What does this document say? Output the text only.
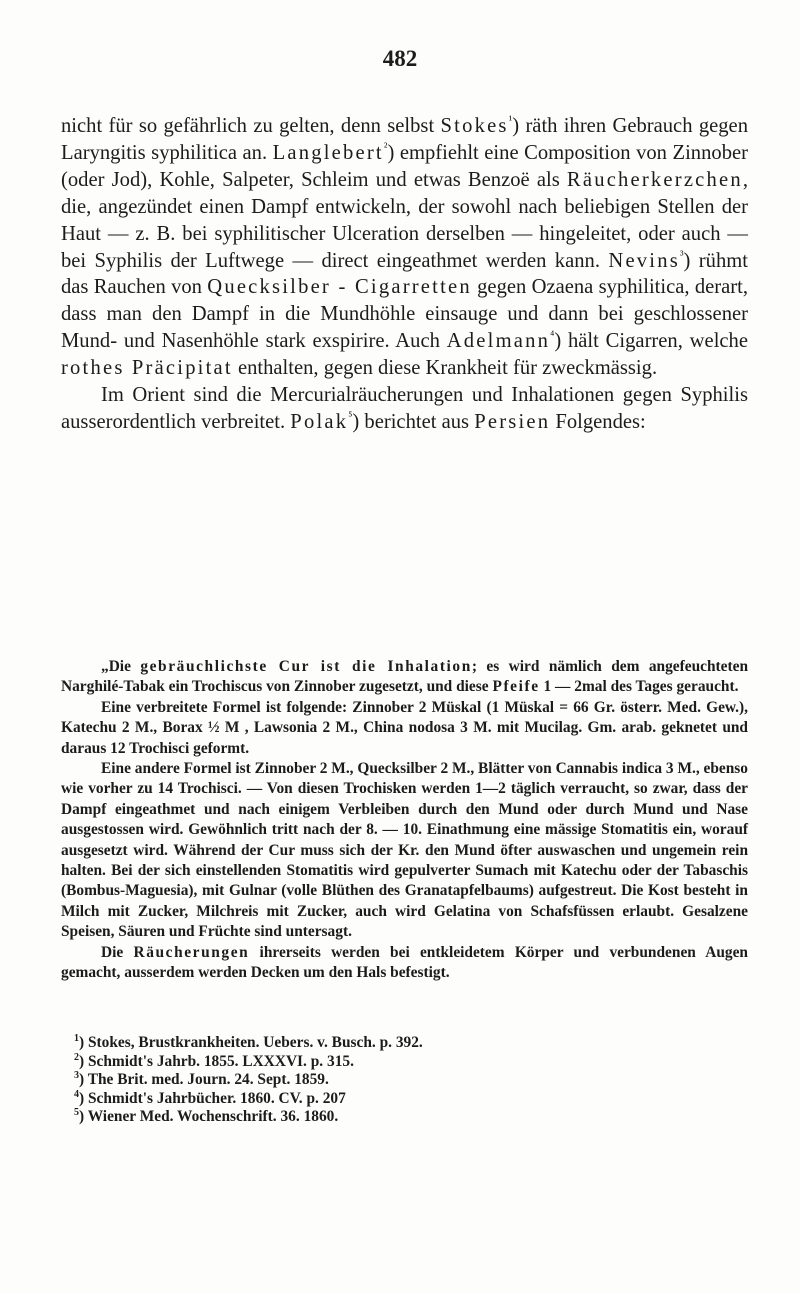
482

nicht für so gefährlich zu gelten, denn selbst Stokes$^{^1}$) räth ihren Gebrauch gegen Laryngitis syphilitica an. Langlebert$^{^2}$) empfiehlt eine Composition von Zinnober (oder Jod), Kohle, Salpeter, Schleim und etwas Benzoë als Räucherkerzchen, die, angezündet einen Dampf entwickeln, der sowohl nach beliebigen Stellen der Haut — z. B. bei syphilitischer Ulceration derselben — hingeleitet, oder auch — bei Syphilis der Luftwege — direct eingeathmet werden kann. Nevins$^{^3}$) rühmt das Rauchen von Quecksilber - Cigarretten gegen Ozaena syphilitica, derart, dass man den Dampf in die Mundhöhle einsauge und dann bei geschlossener Mund- und Nasenhöhle stark exspirire. Auch Adelmann$^{^4}$) hält Cigarren, welche rothes Präcipitat enthalten, gegen diese Krankheit für zweckmässig.

Im Orient sind die Mercurialräucherungen und Inhalationen gegen Syphilis ausserordentlich verbreitet. Polak$^{^5}$) berichtet aus Persien Folgendes:

„Die gebräuchlichste Cur ist die Inhalation; es wird nämlich dem angefeuchteten Narghilé-Tabak ein Trochiscus von Zinnober zugesetzt, und diese Pfeife 1 — 2mal des Tages geraucht.

Eine verbreitete Formel ist folgende: Zinnober 2 Müskal (1 Müskal = 66 Gr. österr. Med. Gew.), Katechu 2 M., Borax ½ M , Lawsonia 2 M., China nodosa 3 M. mit Mucilag. Gm. arab. geknetet und daraus 12 Trochisci geformt.

Eine andere Formel ist Zinnober 2 M., Quecksilber 2 M., Blätter von Cannabis indica 3 M., ebenso wie vorher zu 14 Trochisci. — Von diesen Trochisken werden 1—2 täglich verraucht, so zwar, dass der Dampf eingeathmet und nach einigem Verbleiben durch den Mund oder durch Mund und Nase ausgestossen wird. Gewöhnlich tritt nach der 8. — 10. Einathmung eine mässige Stomatitis ein, worauf ausgesetzt wird. Während der Cur muss sich der Kr. den Mund öfter auswaschen und ungemein rein halten. Bei der sich einstellenden Stomatitis wird gepulverter Sumach mit Katechu oder der Tabaschis (Bombus-Maguesia), mit Gulnar (volle Blüthen des Granatapfelbaums) aufgestreut. Die Kost besteht in Milch mit Zucker, Milchreis mit Zucker, auch wird Gelatina von Schafsfüssen erlaubt. Gesalzene Speisen, Säuren und Früchte sind untersagt.

Die Räucherungen ihrerseits werden bei entkleidetem Körper und verbundenen Augen gemacht, ausserdem werden Decken um den Hals befestigt.

$^1$) Stokes, Brustkrankheiten. Uebers. v. Busch. p. 392.

$^2$) Schmidt's Jahrb. 1855. LXXXVI. p. 315.

$^3$) The Brit. med. Journ. 24. Sept. 1859.

$^4$) Schmidt's Jahrbücher. 1860. CV. p. 207

$^5$) Wiener Med. Wochenschrift. 36. 1860.
